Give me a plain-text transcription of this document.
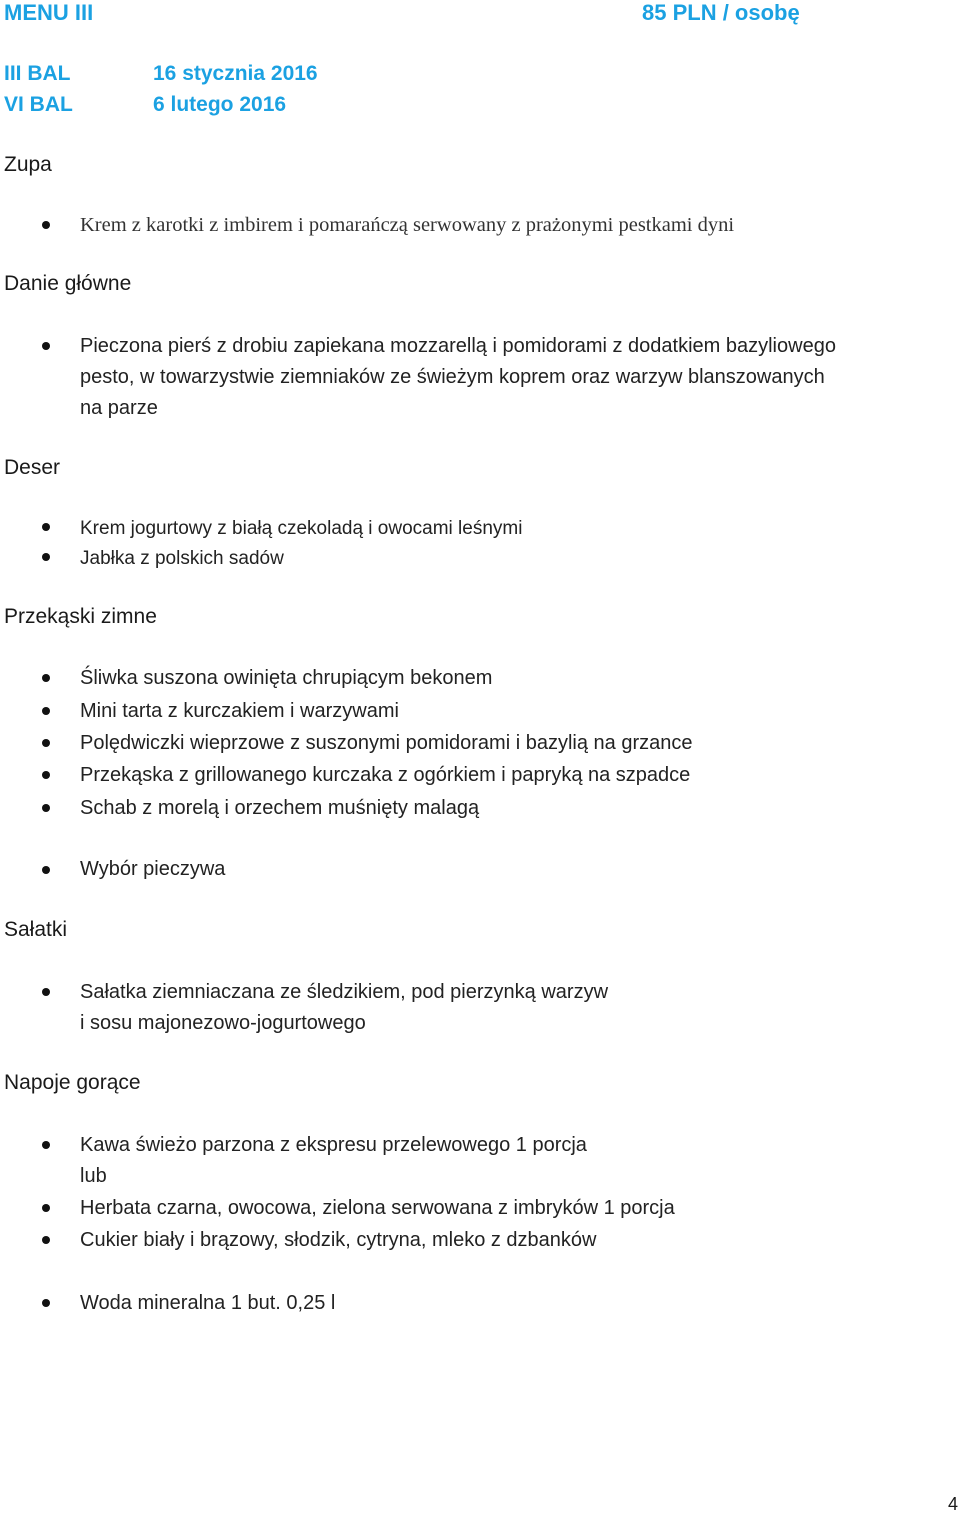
MENU III	85 PLN / osobę
III BAL	16 stycznia 2016
VI BAL	6 lutego 2016
Zupa
Krem z karotki z imbirem i pomarańczą serwowany z prażonymi pestkami dyni
Danie główne
Pieczona pierś z drobiu zapiekana mozzarellą i pomidorami z dodatkiem bazyliowego
pesto, w towarzystwie ziemniaków ze świeżym koprem oraz warzyw blanszowanych
na parze
Deser
Krem jogurtowy z białą czekoladą i owocami leśnymi
Jabłka z polskich sadów
Przekąski zimne
Śliwka suszona owinięta chrupiącym bekonem
Mini tarta z kurczakiem i warzywami
Polędwiczki wieprzowe z suszonymi pomidorami i bazylią na grzance
Przekąska z grillowanego kurczaka z ogórkiem i papryką na szpadce
Schab z morelą i orzechem muśnięty malagą
Wybór pieczywa
Sałatki
Sałatka ziemniaczana ze śledzikiem, pod pierzynką warzyw
i sosu majonezowo-jogurtowego
Napoje gorące
Kawa świeżo parzona z ekspresu przelewowego 1 porcja
lub
Herbata czarna, owocowa, zielona serwowana z imbryków 1 porcja
Cukier biały i brązowy, słodzik, cytryna, mleko z dzbanków
Woda mineralna 1 but. 0,25 l
4
